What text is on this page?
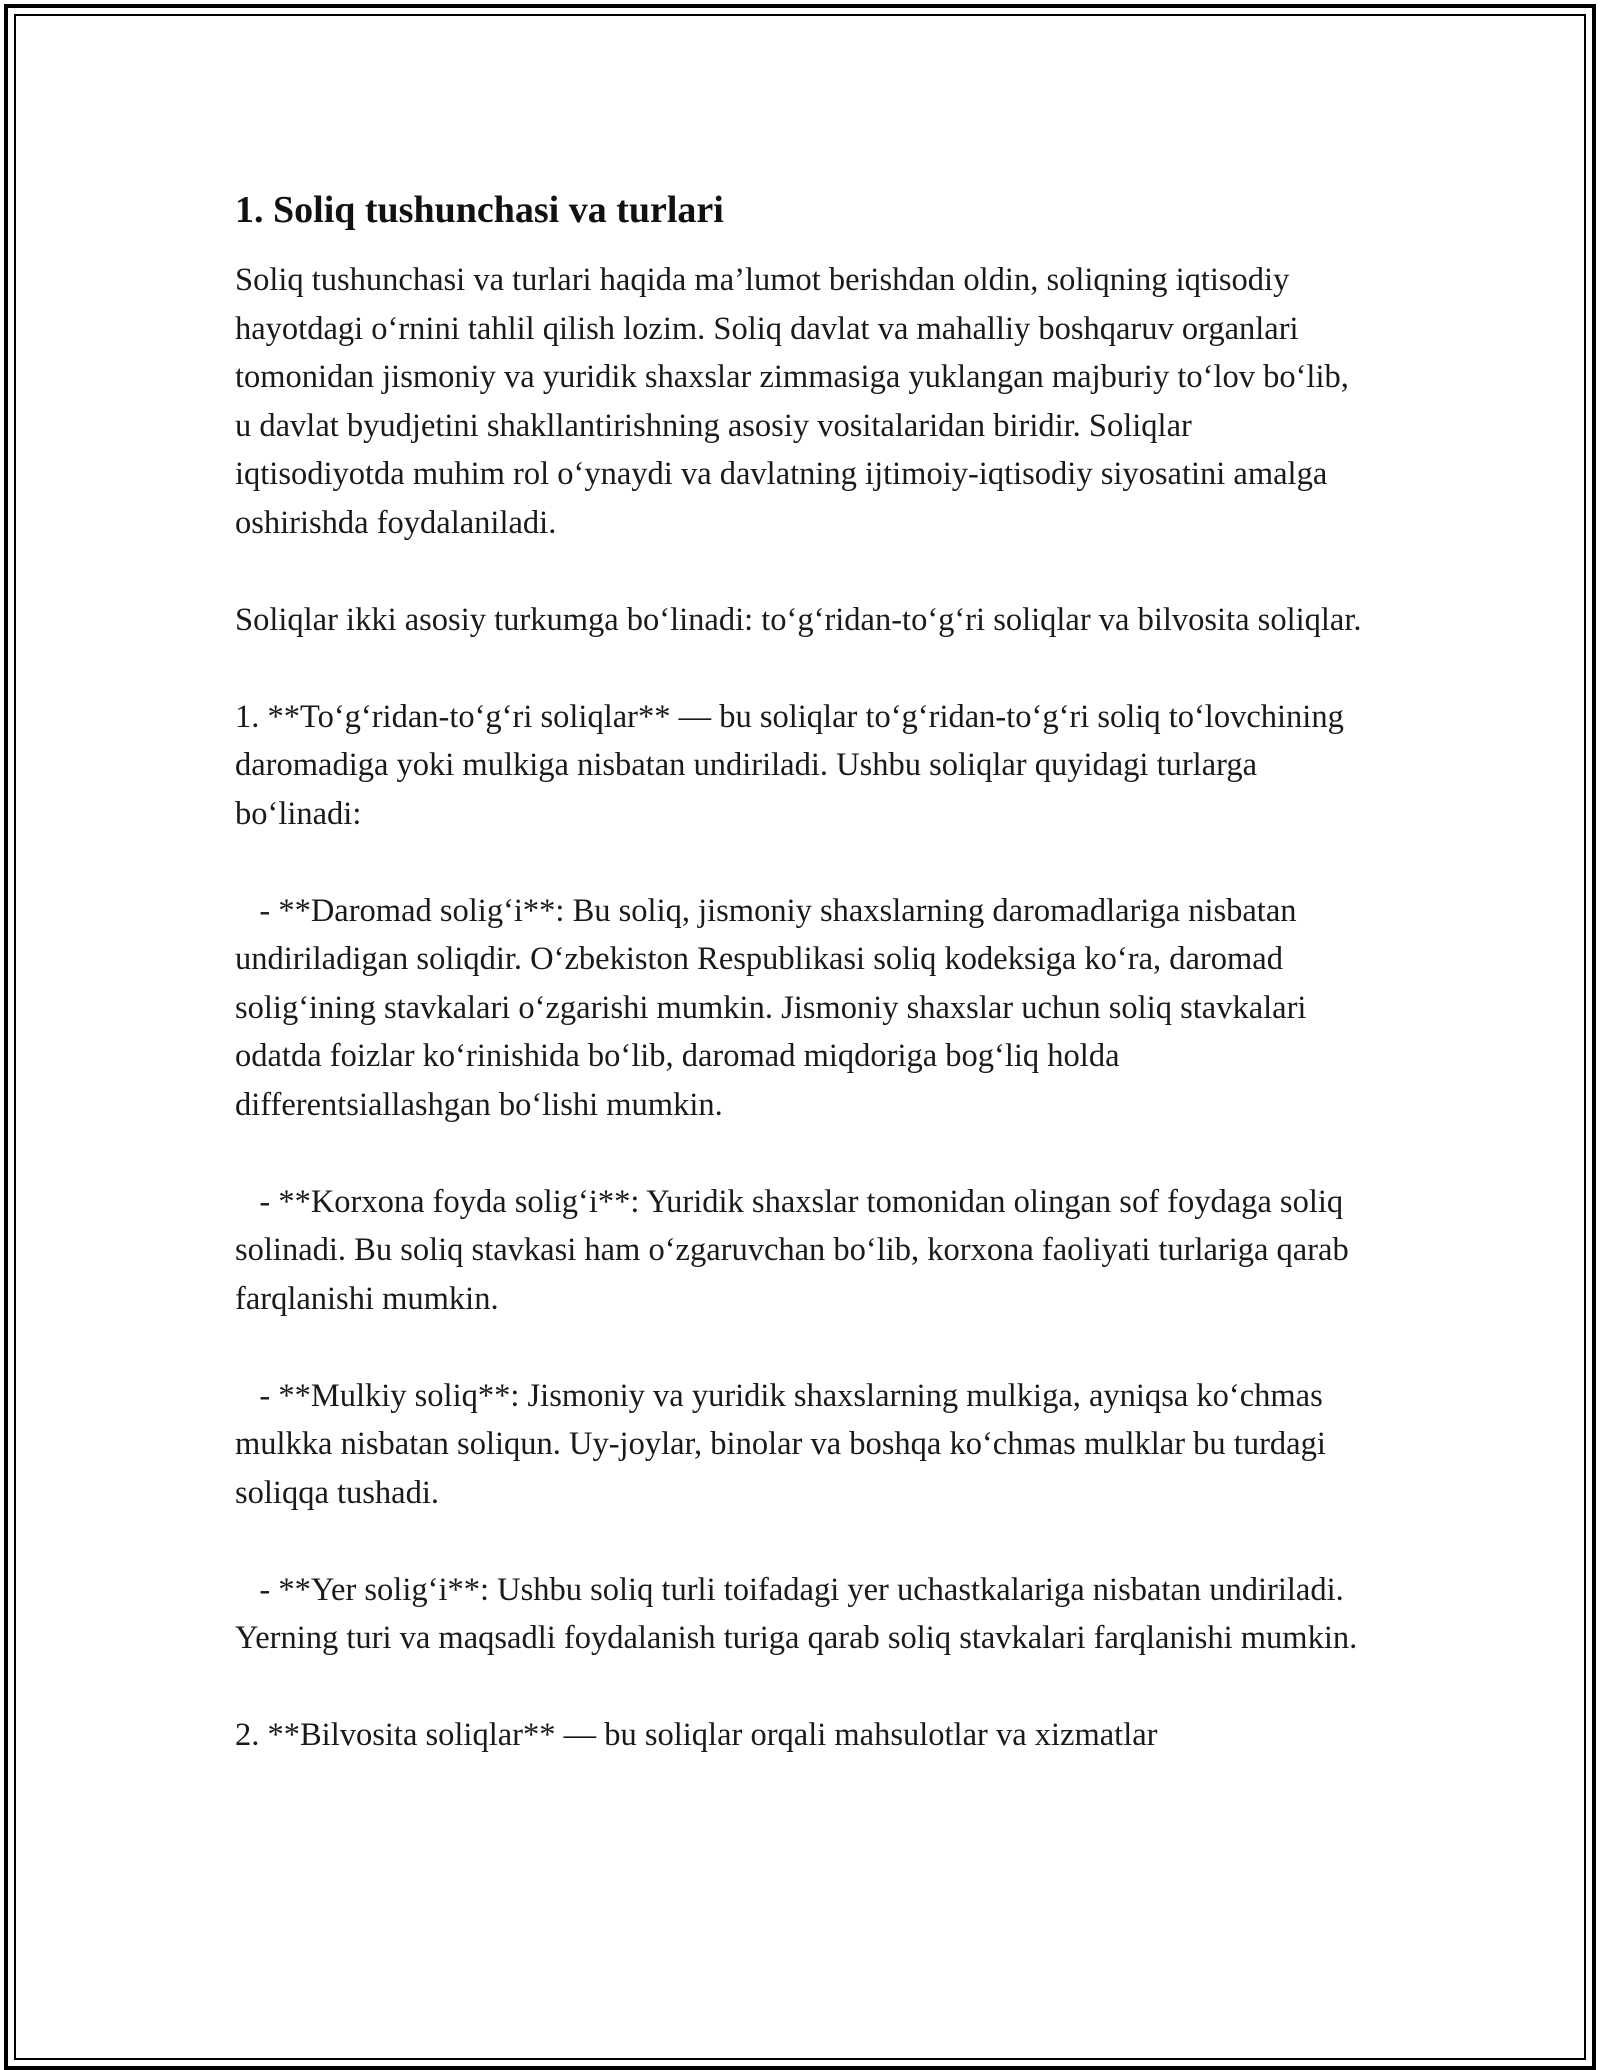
1. Soliq tushunchasi va turlari

Soliq tushunchasi va turlari haqida ma’lumot berishdan oldin, soliqning iqtisodiy hayotdagi o‘rnini tahlil qilish lozim. Soliq davlat va mahalliy boshqaruv organlari tomonidan jismoniy va yuridik shaxslar zimmasiga yuklangan majburiy to‘lov bo‘lib, u davlat byudjetini shakllantirishning asosiy vositalaridan biridir. Soliqlar iqtisodiyotda muhim rol o‘ynaydi va davlatning ijtimoiy-iqtisodiy siyosatini amalga oshirishda foydalaniladi.

Soliqlar ikki asosiy turkumga bo‘linadi: to‘g‘ridan-to‘g‘ri soliqlar va bilvosita soliqlar.

1. **To‘g‘ridan-to‘g‘ri soliqlar** — bu soliqlar to‘g‘ridan-to‘g‘ri soliq to‘lovchining daromadiga yoki mulkiga nisbatan undiriladi. Ushbu soliqlar quyidagi turlarga bo‘linadi:

- **Daromad solig‘i**: Bu soliq, jismoniy shaxslarning daromadlariga nisbatan undiriladigan soliqdir. O‘zbekiston Respublikasi soliq kodeksiga ko‘ra, daromad solig‘ining stavkalari o‘zgarishi mumkin. Jismoniy shaxslar uchun soliq stavkalari odatda foizlar ko‘rinishida bo‘lib, daromad miqdoriga bog‘liq holda differentsiallashgan bo‘lishi mumkin.

- **Korxona foyda solig‘i**: Yuridik shaxslar tomonidan olingan sof foydaga soliq solinadi. Bu soliq stavkasi ham o‘zgaruvchan bo‘lib, korxona faoliyati turlariga qarab farqlanishi mumkin.

- **Mulkiy soliq**: Jismoniy va yuridik shaxslarning mulkiga, ayniqsa ko‘chmas mulkka nisbatan soliqun. Uy-joylar, binolar va boshqa ko‘chmas mulklar bu turdagi soliqqa tushadi.

- **Yer solig‘i**: Ushbu soliq turli toifadagi yer uchastkalariga nisbatan undiriladi. Yerning turi va maqsadli foydalanish turiga qarab soliq stavkalari farqlanishi mumkin.

2. **Bilvosita soliqlar** — bu soliqlar orqali mahsulotlar va xizmatlar
